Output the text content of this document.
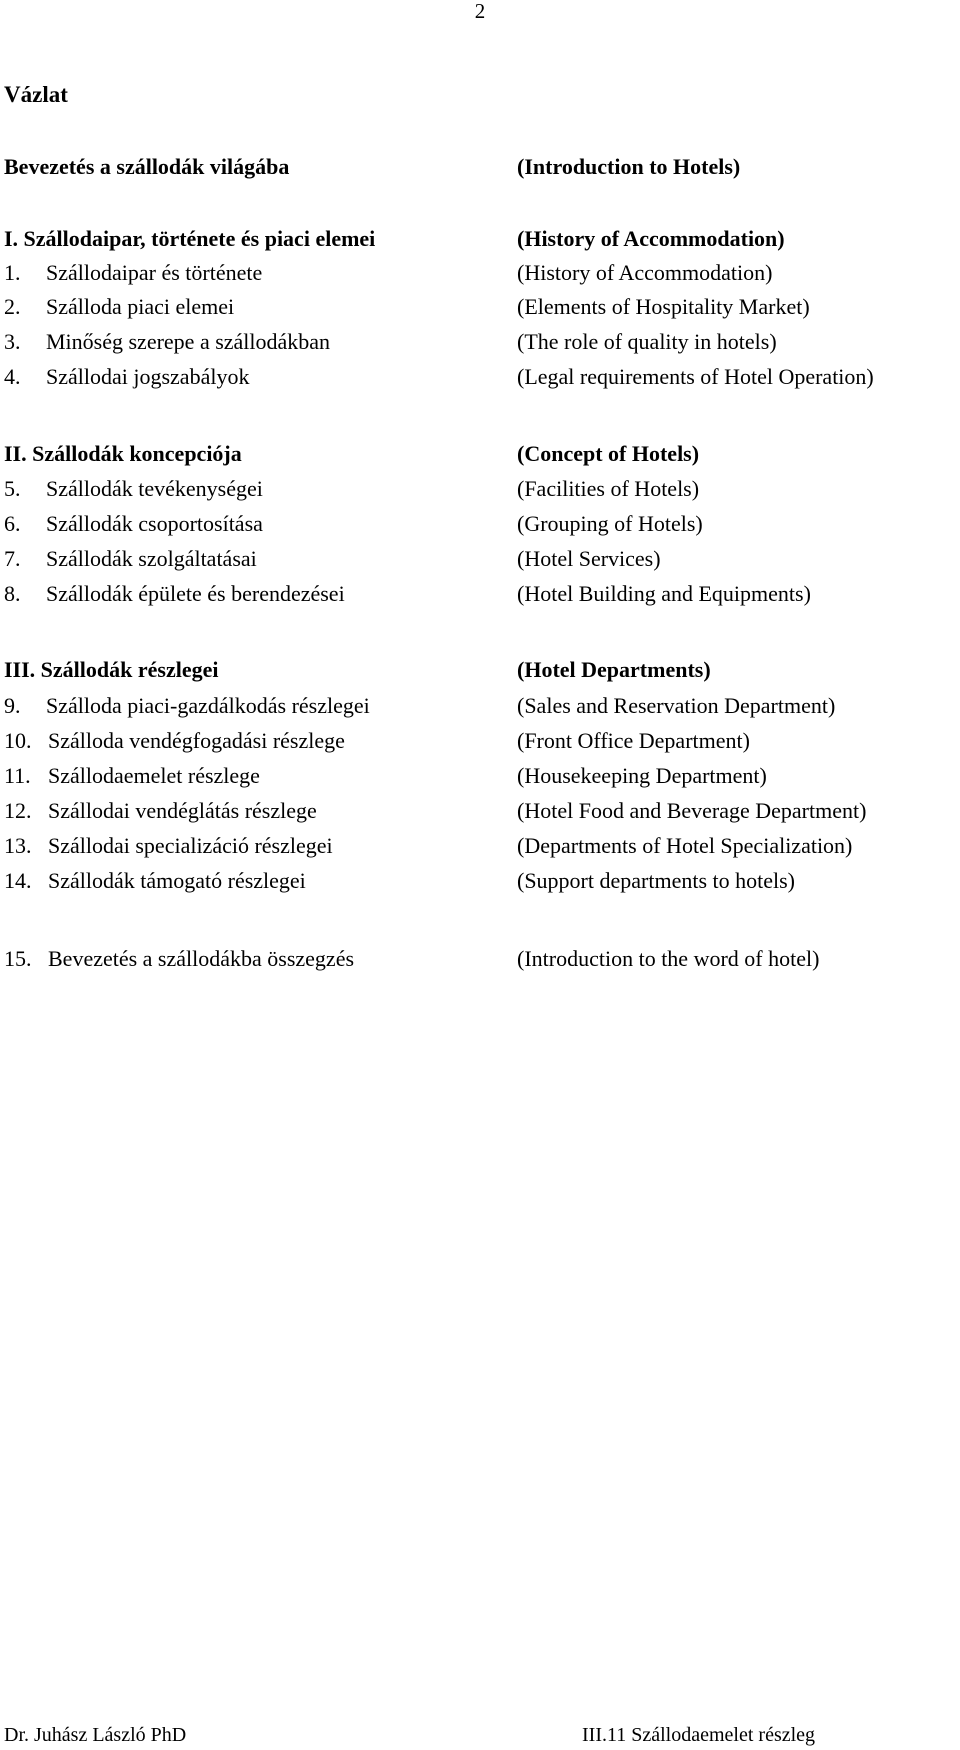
2
Vázlat
Bevezetés a szállodák világába	(Introduction to Hotels)
I. Szállodaipar, története és piaci elemei	(History of Accommodation)
1. Szállodaipar és története	(History of Accommodation)
2. Szálloda piaci elemei	(Elements of Hospitality Market)
3. Minőség szerepe a szállodákban	(The role of quality in hotels)
4. Szállodai jogszabályok	(Legal requirements of Hotel Operation)
II. Szállodák koncepciója	(Concept of Hotels)
5. Szállodák tevékenységei	(Facilities of Hotels)
6. Szállodák csoportosítása	(Grouping of Hotels)
7. Szállodák szolgáltatásai	(Hotel Services)
8. Szállodák épülete és berendezései	(Hotel Building and Equipments)
III. Szállodák részlegei	(Hotel Departments)
9. Szálloda piaci-gazdálkodás részlegei	(Sales and Reservation Department)
10. Szálloda vendégfogadási részlege	(Front Office Department)
11. Szállodaemelet részlege	(Housekeeping Department)
12. Szállodai vendéglátás részlege	(Hotel Food and Beverage Department)
13. Szállodai specializáció részlegei	(Departments of Hotel Specialization)
14. Szállodák támogató részlegei	(Support departments to hotels)
15. Bevezetés a szállodákba összegzés	(Introduction to the word of hotel)
Dr. Juhász László PhD	III.11 Szállodaemelet részleg
